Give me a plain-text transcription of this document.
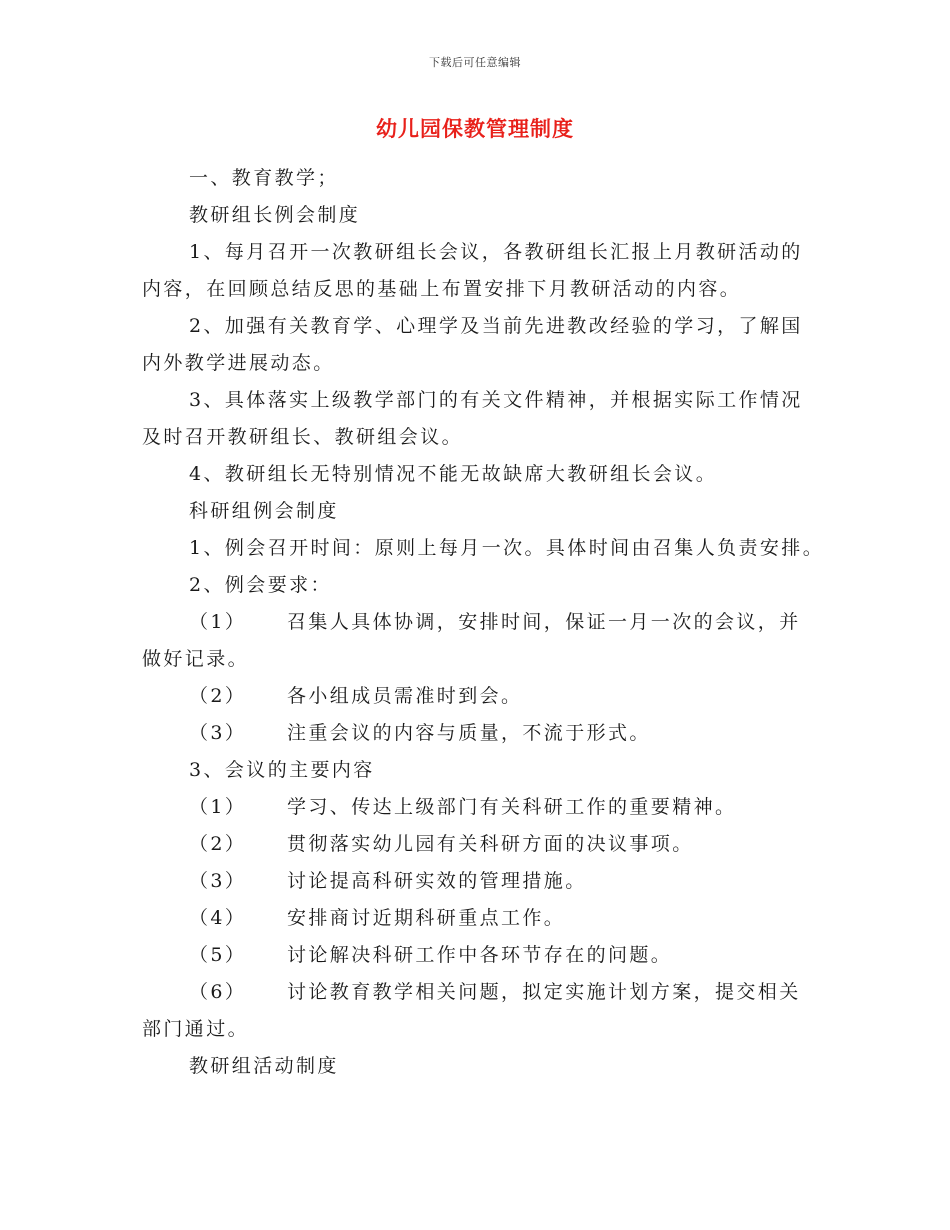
下载后可任意编辑
幼儿园保教管理制度

一、教育教学；

教研组长例会制度

1、每月召开一次教研组长会议，各教研组长汇报上月教研活动的

内容，在回顾总结反思的基础上布置安排下月教研活动的内容。

2、加强有关教育学、心理学及当前先进教改经验的学习，了解国

内外教学进展动态。

3、具体落实上级教学部门的有关文件精神，并根据实际工作情况

及时召开教研组长、教研组会议。

4、教研组长无特别情况不能无故缺席大教研组长会议。

科研组例会制度

1、例会召开时间：原则上每月一次。具体时间由召集人负责安排。

2、例会要求：

（1） 召集人具体协调，安排时间，保证一月一次的会议，并

做好记录。

（2） 各小组成员需准时到会。

（3） 注重会议的内容与质量，不流于形式。

3、会议的主要内容

（1） 学习、传达上级部门有关科研工作的重要精神。

（2） 贯彻落实幼儿园有关科研方面的决议事项。

（3） 讨论提高科研实效的管理措施。

（4） 安排商讨近期科研重点工作。

（5） 讨论解决科研工作中各环节存在的问题。

（6） 讨论教育教学相关问题，拟定实施计划方案，提交相关

部门通过。

教研组活动制度
